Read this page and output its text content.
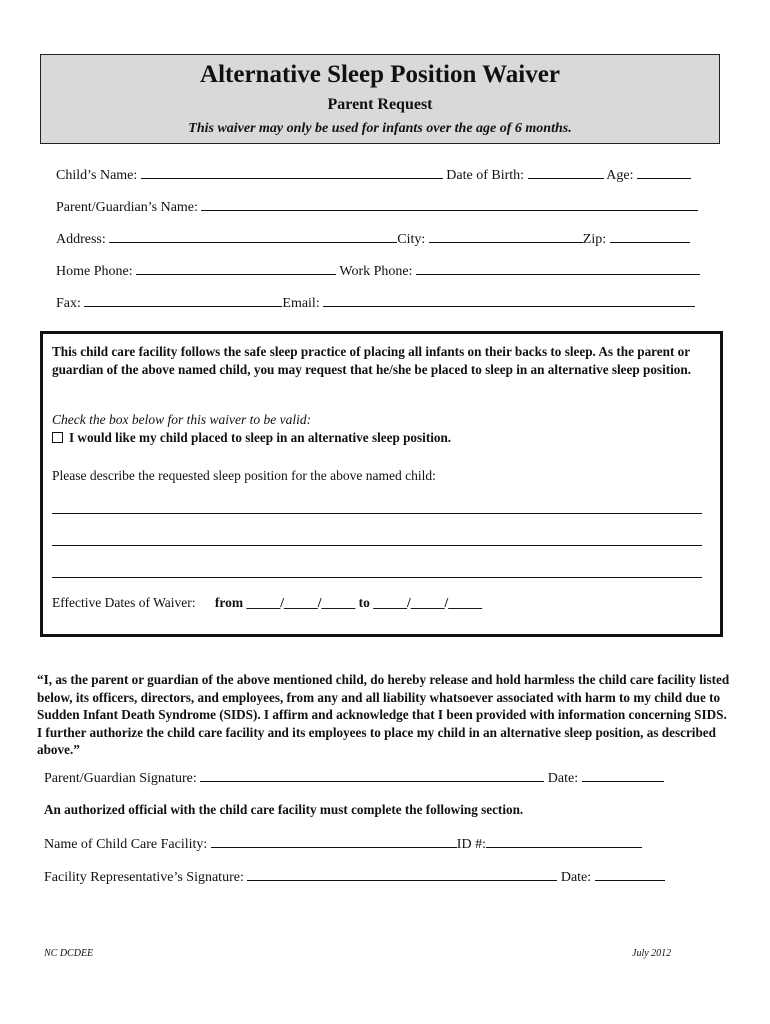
Alternative Sleep Position Waiver
Parent Request
This waiver may only be used for infants over the age of 6 months.
Child’s Name:	Date of Birth:	Age:
Parent/Guardian’s Name:
Address:	City:	Zip:
Home Phone:	Work Phone:
Fax:	Email:
This child care facility follows the safe sleep practice of placing all infants on their backs to sleep. As the parent or guardian of the above named child, you may request that he/she be placed to sleep in an alternative sleep position.
Check the box below for this waiver to be valid:
I would like my child placed to sleep in an alternative sleep position.
Please describe the requested sleep position for the above named child:
Effective Dates of Waiver: from _____/_____/_____ to _____/_____/_____
“I, as the parent or guardian of the above mentioned child, do hereby release and hold harmless the child care facility listed below, its officers, directors, and employees, from any and all liability whatsoever associated with harm to my child due to Sudden Infant Death Syndrome (SIDS). I affirm and acknowledge that I been provided with information concerning SIDS. I further authorize the child care facility and its employees to place my child in an alternative sleep position, as described above.”
Parent/Guardian Signature:	Date:
An authorized official with the child care facility must complete the following section.
Name of Child Care Facility:	ID #:
Facility Representative’s Signature:	Date:
NC DCDEE	July 2012
